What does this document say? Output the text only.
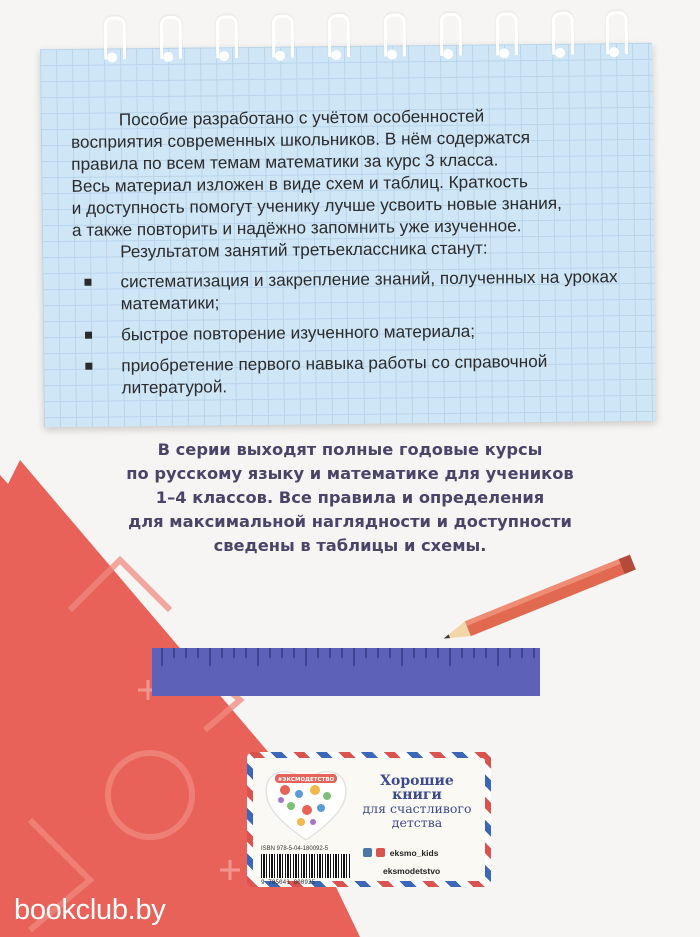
Пособие разработано с учётом особенностей

восприятия современных школьников. В нём содержатся

правила по всем темам математики за курс 3 класса.

Весь материал изложен в виде схем и таблиц. Краткость

и доступность помогут ученику лучше усвоить новые знания,

а также повторить и надёжно запомнить уже изученное.

Результатом занятий третьеклассника станут:

систематизация и закрепление знаний, полученных на уроках математики;
быстрое повторение изученного материала;
приобретение первого навыка работы со справочной литературой.
В серии выходят полные годовые курсы
по русскому языку и математике для учеников
1–4 классов. Все правила и определения
для максимальной наглядности и доступности
сведены в таблицы и схемы.
#ЭКСМОДЕТСТВО	Хорошие
книги
для счастливого
детства
ISBN 978-5-04-180092-5
9 785041 800925
eksmo_kids
eksmodetstvo
bookclub.by
